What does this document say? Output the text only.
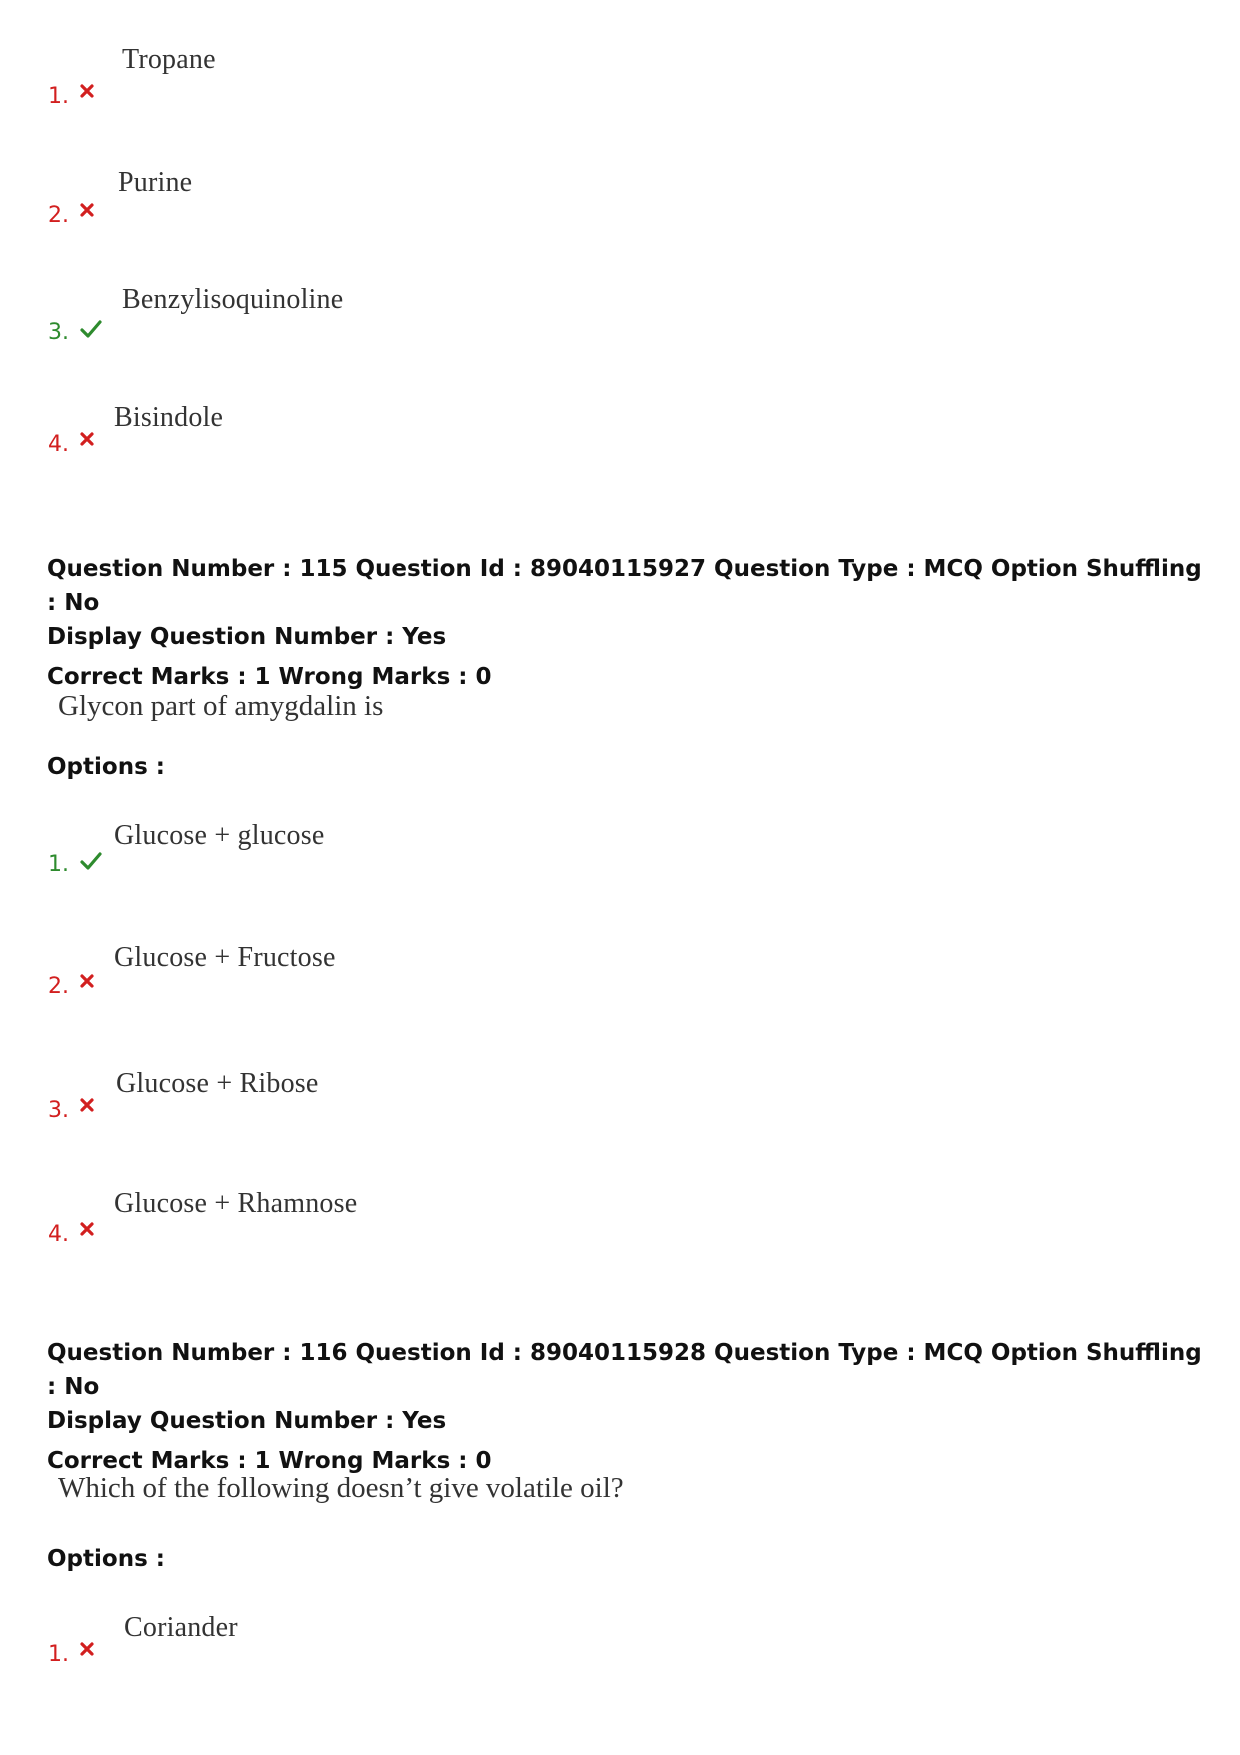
Tropane
1.
Purine
2.
Benzylisoquinoline
3.
Bisindole
4.
Question Number : 115 Question Id : 89040115927 Question Type : MCQ Option Shuffling : No
Display Question Number : Yes
Correct Marks : 1 Wrong Marks : 0
Glycon part of amygdalin is
Options :
Glucose + glucose
1.
Glucose + Fructose
2.
Glucose + Ribose
3.
Glucose + Rhamnose
4.
Question Number : 116 Question Id : 89040115928 Question Type : MCQ Option Shuffling : No
Display Question Number : Yes
Correct Marks : 1 Wrong Marks : 0
Which of the following doesn’t give volatile oil?
Options :
Coriander
1.
